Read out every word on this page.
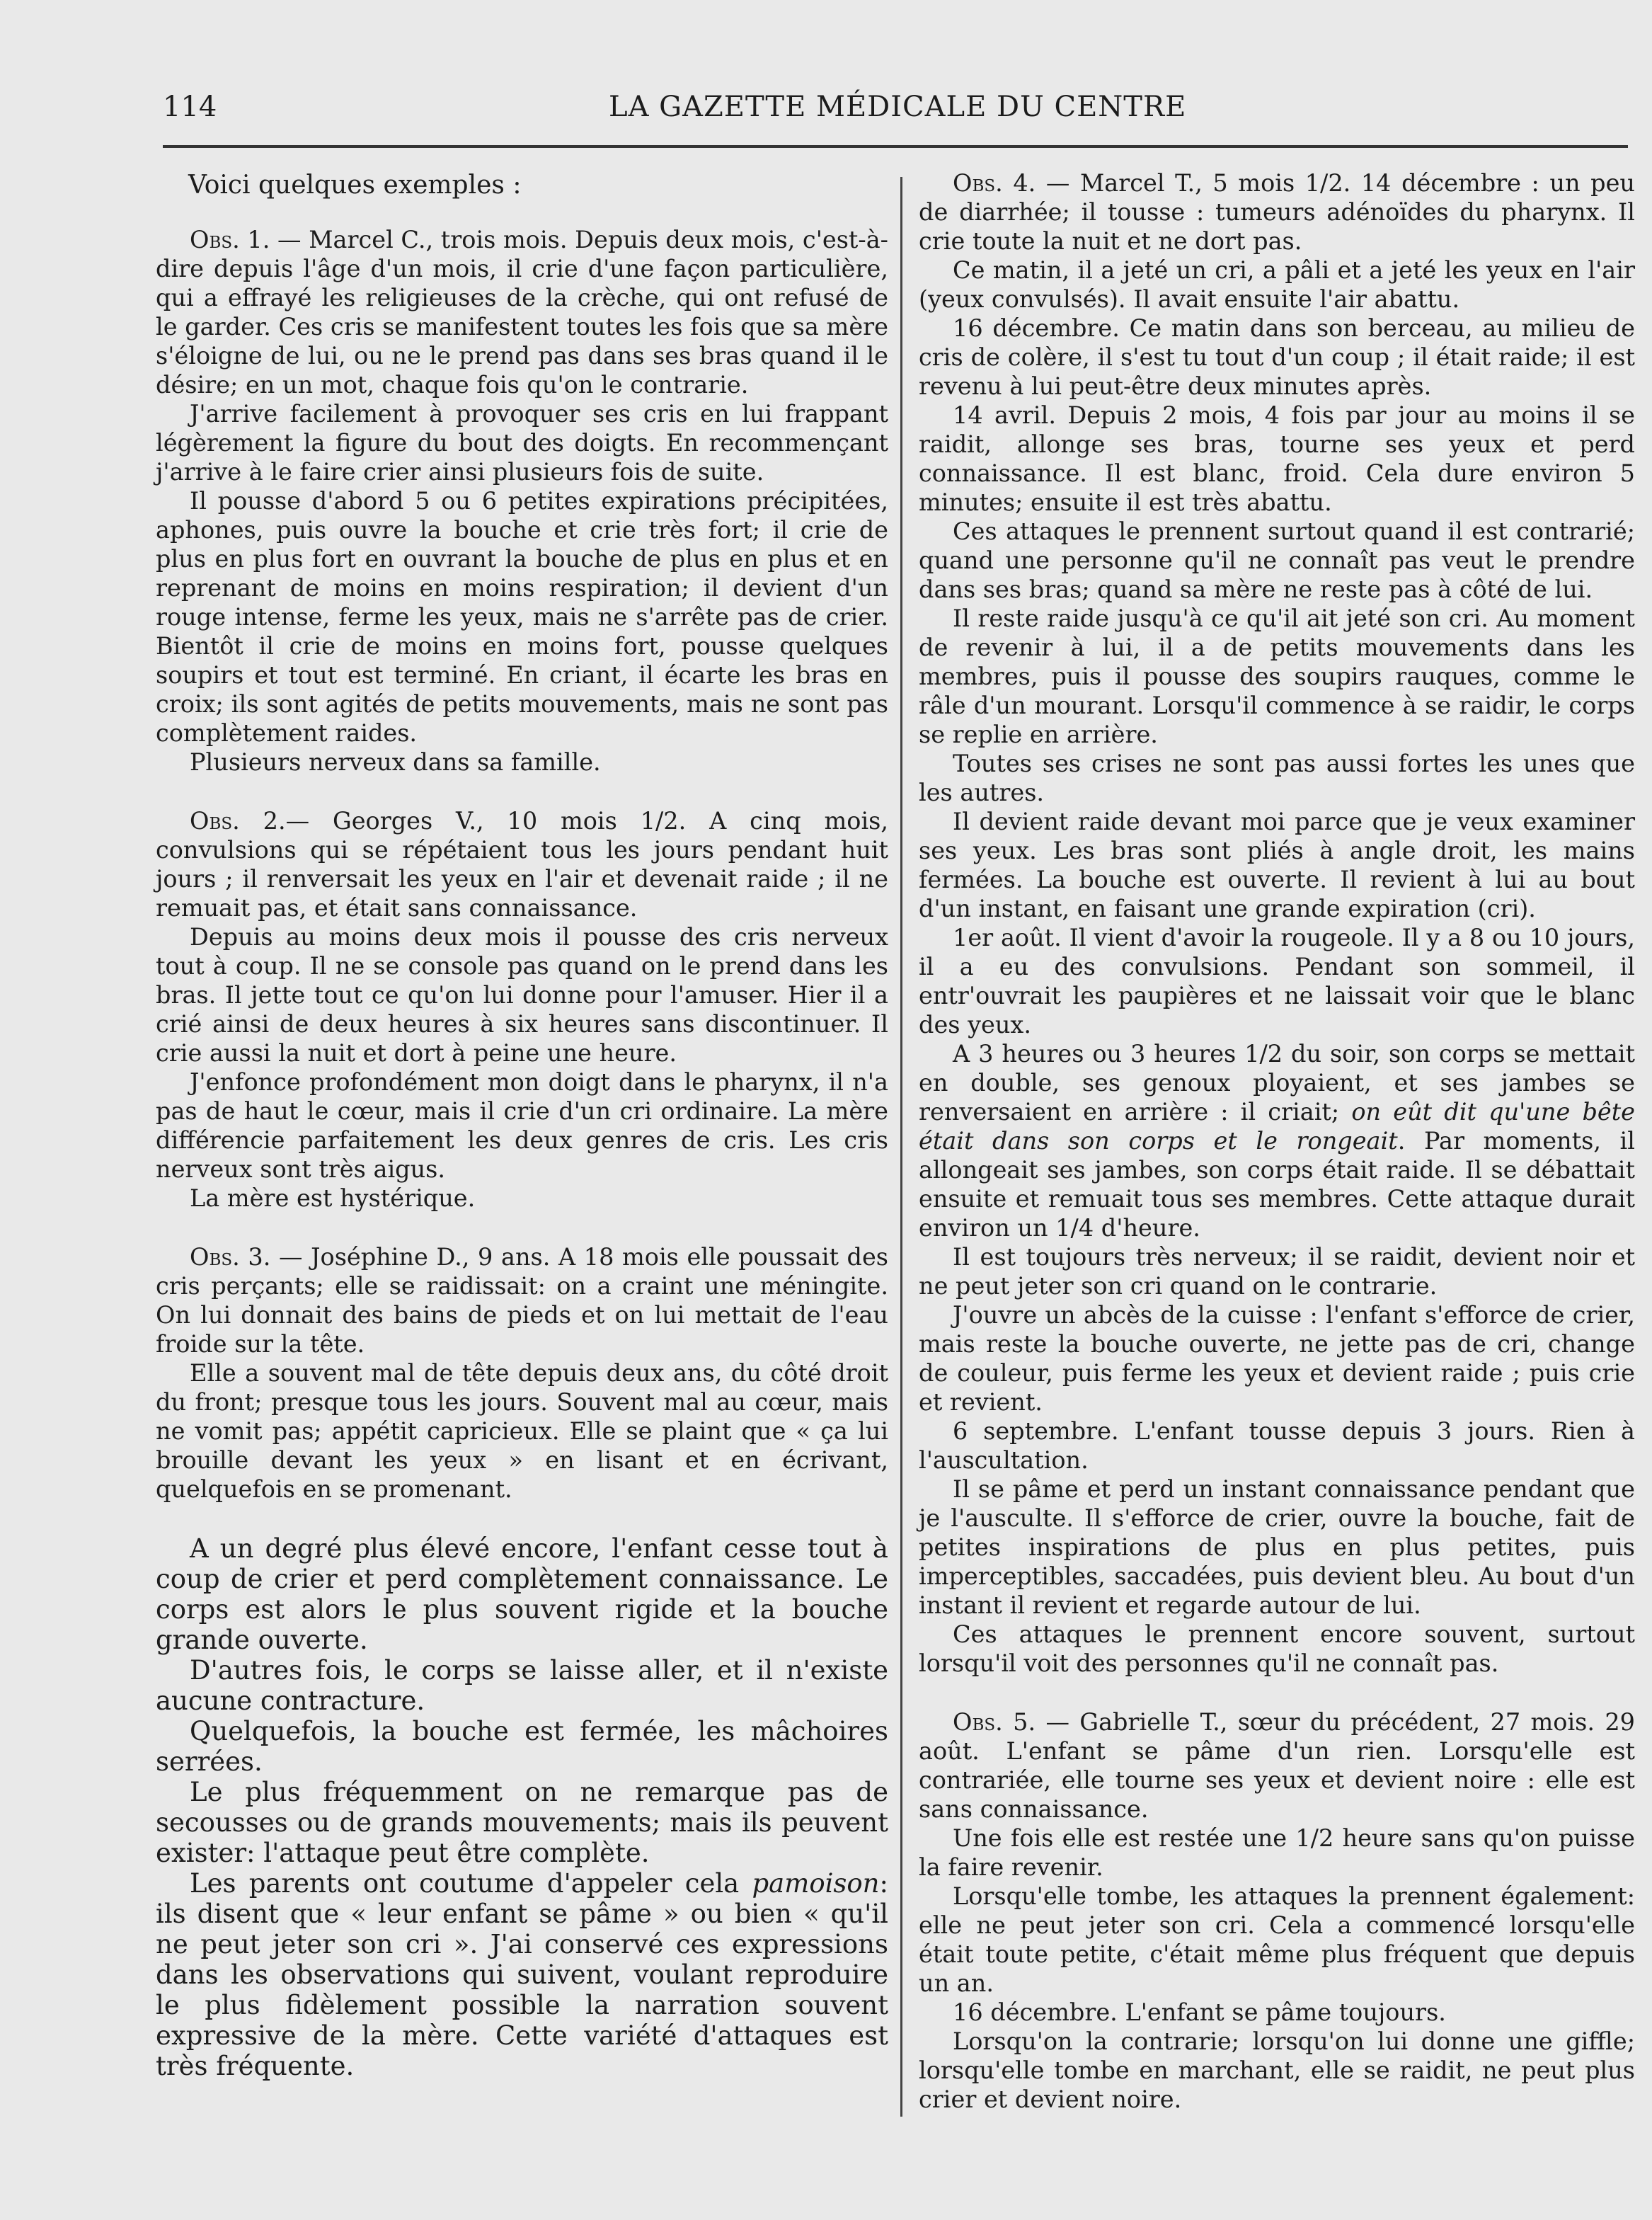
114	LA GAZETTE MÉDICALE DU CENTRE

Voici quelques exemples :

Obs. 1. — Marcel C., trois mois. Depuis deux mois, c'est-à-dire depuis l'âge d'un mois, il crie d'une façon particulière, qui a effrayé les religieuses de la crèche, qui ont refusé de le garder. Ces cris se manifestent toutes les fois que sa mère s'éloigne de lui, ou ne le prend pas dans ses bras quand il le désire; en un mot, chaque fois qu'on le contrarie.

J'arrive facilement à provoquer ses cris en lui frappant légèrement la figure du bout des doigts. En recommençant j'arrive à le faire crier ainsi plusieurs fois de suite.

Il pousse d'abord 5 ou 6 petites expirations précipitées, aphones, puis ouvre la bouche et crie très fort; il crie de plus en plus fort en ouvrant la bouche de plus en plus et en reprenant de moins en moins respiration; il devient d'un rouge intense, ferme les yeux, mais ne s'arrête pas de crier. Bientôt il crie de moins en moins fort, pousse quelques soupirs et tout est terminé. En criant, il écarte les bras en croix; ils sont agités de petits mouvements, mais ne sont pas complètement raides.

Plusieurs nerveux dans sa famille.

Obs. 2.— Georges V., 10 mois 1/2. A cinq mois, convulsions qui se répétaient tous les jours pendant huit jours ; il renversait les yeux en l'air et devenait raide ; il ne remuait pas, et était sans connaissance.

Depuis au moins deux mois il pousse des cris nerveux tout à coup. Il ne se console pas quand on le prend dans les bras. Il jette tout ce qu'on lui donne pour l'amuser. Hier il a crié ainsi de deux heures à six heures sans discontinuer. Il crie aussi la nuit et dort à peine une heure.

J'enfonce profondément mon doigt dans le pharynx, il n'a pas de haut le cœur, mais il crie d'un cri ordinaire. La mère différencie parfaitement les deux genres de cris. Les cris nerveux sont très aigus.

La mère est hystérique.

Obs. 3. — Joséphine D., 9 ans. A 18 mois elle poussait des cris perçants; elle se raidissait: on a craint une méningite. On lui donnait des bains de pieds et on lui mettait de l'eau froide sur la tête.

Elle a souvent mal de tête depuis deux ans, du côté droit du front; presque tous les jours. Souvent mal au cœur, mais ne vomit pas; appétit capricieux. Elle se plaint que « ça lui brouille devant les yeux » en lisant et en écrivant, quelquefois en se promenant.

A un degré plus élevé encore, l'enfant cesse tout à coup de crier et perd complètement connaissance. Le corps est alors le plus souvent rigide et la bouche grande ouverte.

D'autres fois, le corps se laisse aller, et il n'existe aucune contracture.

Quelquefois, la bouche est fermée, les mâchoires serrées.

Le plus fréquemment on ne remarque pas de secousses ou de grands mouvements; mais ils peuvent exister: l'attaque peut être complète.

Les parents ont coutume d'appeler cela pamoison: ils disent que « leur enfant se pâme » ou bien « qu'il ne peut jeter son cri ». J'ai conservé ces expressions dans les observations qui suivent, voulant reproduire le plus fidèlement possible la narration souvent expressive de la mère. Cette variété d'attaques est très fréquente.

Obs. 4. — Marcel T., 5 mois 1/2. 14 décembre : un peu de diarrhée; il tousse : tumeurs adénoïdes du pharynx. Il crie toute la nuit et ne dort pas.

Ce matin, il a jeté un cri, a pâli et a jeté les yeux en l'air (yeux convulsés). Il avait ensuite l'air abattu.

16 décembre. Ce matin dans son berceau, au milieu de cris de colère, il s'est tu tout d'un coup ; il était raide; il est revenu à lui peut-être deux minutes après.

14 avril. Depuis 2 mois, 4 fois par jour au moins il se raidit, allonge ses bras, tourne ses yeux et perd connaissance. Il est blanc, froid. Cela dure environ 5 minutes; ensuite il est très abattu.

Ces attaques le prennent surtout quand il est contrarié; quand une personne qu'il ne connaît pas veut le prendre dans ses bras; quand sa mère ne reste pas à côté de lui.

Il reste raide jusqu'à ce qu'il ait jeté son cri. Au moment de revenir à lui, il a de petits mouvements dans les membres, puis il pousse des soupirs rauques, comme le râle d'un mourant. Lorsqu'il commence à se raidir, le corps se replie en arrière.

Toutes ses crises ne sont pas aussi fortes les unes que les autres.

Il devient raide devant moi parce que je veux examiner ses yeux. Les bras sont pliés à angle droit, les mains fermées. La bouche est ouverte. Il revient à lui au bout d'un instant, en faisant une grande expiration (cri).

1er août. Il vient d'avoir la rougeole. Il y a 8 ou 10 jours, il a eu des convulsions. Pendant son sommeil, il entr'ouvrait les paupières et ne laissait voir que le blanc des yeux.

A 3 heures ou 3 heures 1/2 du soir, son corps se mettait en double, ses genoux ployaient, et ses jambes se renversaient en arrière : il criait; on eût dit qu'une bête était dans son corps et le rongeait. Par moments, il allongeait ses jambes, son corps était raide. Il se débattait ensuite et remuait tous ses membres. Cette attaque durait environ un 1/4 d'heure.

Il est toujours très nerveux; il se raidit, devient noir et ne peut jeter son cri quand on le contrarie.

J'ouvre un abcès de la cuisse : l'enfant s'efforce de crier, mais reste la bouche ouverte, ne jette pas de cri, change de couleur, puis ferme les yeux et devient raide ; puis crie et revient.

6 septembre. L'enfant tousse depuis 3 jours. Rien à l'auscultation.

Il se pâme et perd un instant connaissance pendant que je l'ausculte. Il s'efforce de crier, ouvre la bouche, fait de petites inspirations de plus en plus petites, puis imperceptibles, saccadées, puis devient bleu. Au bout d'un instant il revient et regarde autour de lui.

Ces attaques le prennent encore souvent, surtout lorsqu'il voit des personnes qu'il ne connaît pas.

Obs. 5. — Gabrielle T., sœur du précédent, 27 mois. 29 août. L'enfant se pâme d'un rien. Lorsqu'elle est contrariée, elle tourne ses yeux et devient noire : elle est sans connaissance.

Une fois elle est restée une 1/2 heure sans qu'on puisse la faire revenir.

Lorsqu'elle tombe, les attaques la prennent également: elle ne peut jeter son cri. Cela a commencé lorsqu'elle était toute petite, c'était même plus fréquent que depuis un an.

16 décembre. L'enfant se pâme toujours.

Lorsqu'on la contrarie; lorsqu'on lui donne une giffle; lorsqu'elle tombe en marchant, elle se raidit, ne peut plus crier et devient noire.
